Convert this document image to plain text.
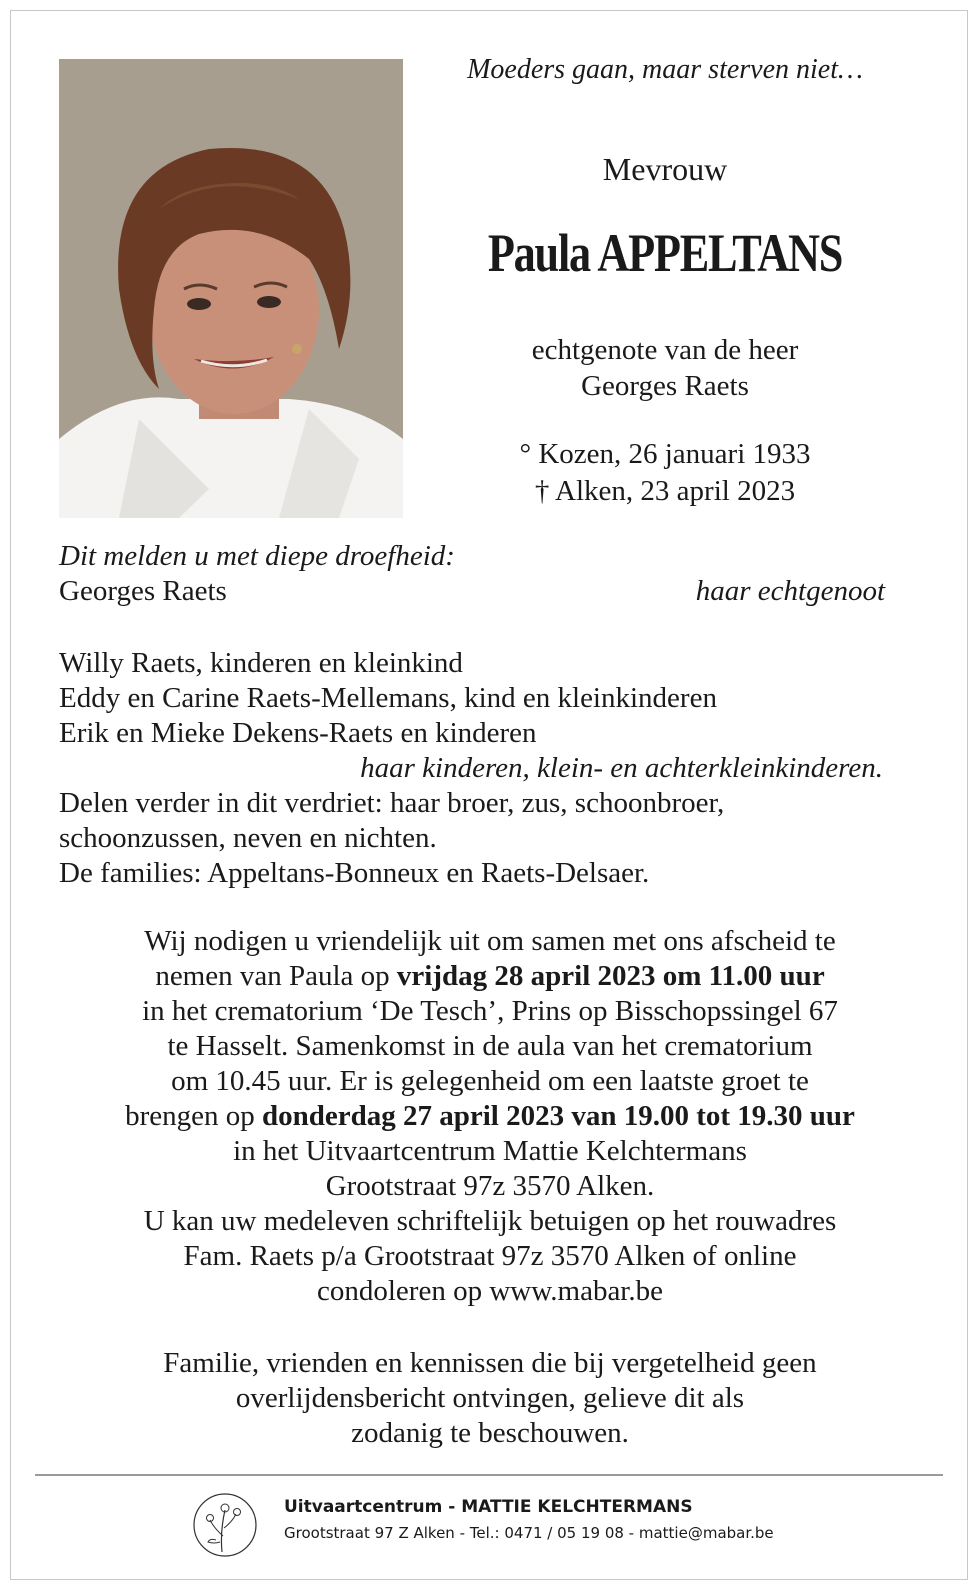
Moeders gaan, maar sterven niet…
Mevrouw
Paula APPELTANS
echtgenote van de heer
Georges Raets
° Kozen, 26 januari 1933
† Alken, 23 april 2023
Dit melden u met diepe droefheid:
Georges Raets	haar echtgenoot
Willy Raets, kinderen en kleinkind
Eddy en Carine Raets-Mellemans, kind en kleinkinderen
Erik en Mieke Dekens-Raets en kinderen
haar kinderen, klein- en achterkleinkinderen.
Delen verder in dit verdriet: haar broer, zus, schoonbroer,
schoonzussen, neven en nichten.
De families: Appeltans-Bonneux en Raets-Delsaer.
Wij nodigen u vriendelijk uit om samen met ons afscheid te
nemen van Paula op vrijdag 28 april 2023 om 11.00 uur
in het crematorium ‘De Tesch’, Prins op Bisschopssingel 67
te Hasselt. Samenkomst in de aula van het crematorium
om 10.45 uur. Er is gelegenheid om een laatste groet te
brengen op donderdag 27 april 2023 van 19.00 tot 19.30 uur
in het Uitvaartcentrum Mattie Kelchtermans
Grootstraat 97z 3570 Alken.
U kan uw medeleven schriftelijk betuigen op het rouwadres
Fam. Raets p/a Grootstraat 97z 3570 Alken of online
condoleren op www.mabar.be
Familie, vrienden en kennissen die bij vergetelheid geen
overlijdensbericht ontvingen, gelieve dit als
zodanig te beschouwen.
Uitvaartcentrum - MATTIE KELCHTERMANS
Grootstraat 97 Z Alken - Tel.: 0471 / 05 19 08 - mattie@mabar.be
